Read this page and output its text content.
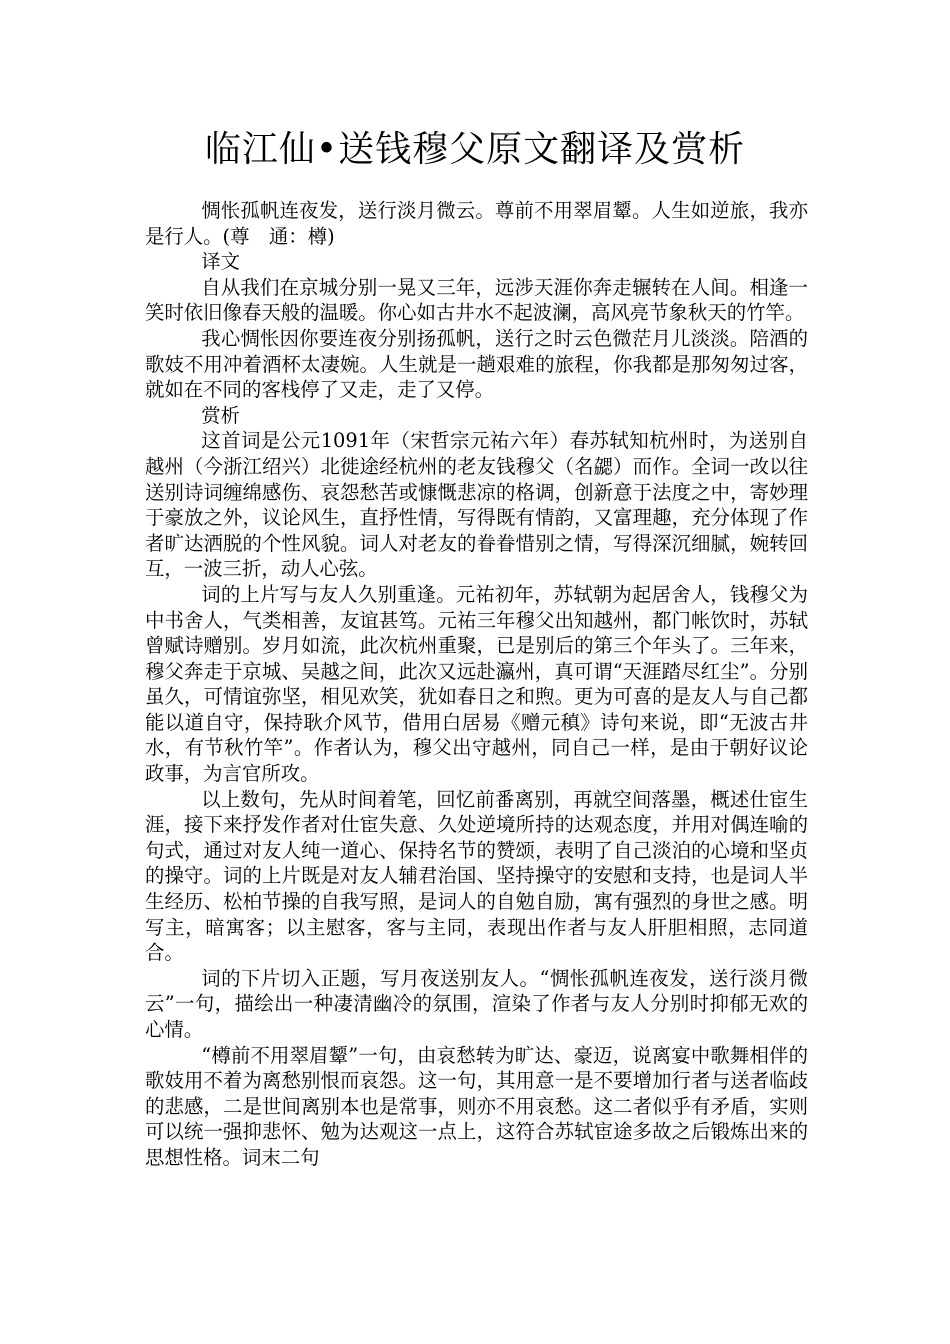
临江仙•送钱穆父原文翻译及赏析

惆怅孤帆连夜发，送行淡月微云。尊前不用翠眉颦。人生如逆旅，我亦是行人。(尊　通：樽)

译文

自从我们在京城分别一晃又三年，远涉天涯你奔走辗转在人间。相逢一笑时依旧像春天般的温暖。你心如古井水不起波澜，高风亮节象秋天的竹竿。

我心惆怅因你要连夜分别扬孤帆，送行之时云色微茫月儿淡淡。陪酒的歌妓不用冲着酒杯太凄婉。人生就是一趟艰难的旅程，你我都是那匆匆过客，就如在不同的客栈停了又走，走了又停。

赏析

这首词是公元1091年（宋哲宗元祐六年）春苏轼知杭州时，为送别自越州（今浙江绍兴）北徙途经杭州的老友钱穆父（名勰）而作。全词一改以往送别诗词缠绵感伤、哀怨愁苦或慷慨悲凉的格调，创新意于法度之中，寄妙理于豪放之外，议论风生，直抒性情，写得既有情韵，又富理趣，充分体现了作者旷达洒脱的个性风貌。词人对老友的眷眷惜别之情，写得深沉细腻，婉转回互，一波三折，动人心弦。

词的上片写与友人久别重逢。元祐初年，苏轼朝为起居舍人，钱穆父为中书舍人，气类相善，友谊甚笃。元祐三年穆父出知越州，都门帐饮时，苏轼曾赋诗赠别。岁月如流，此次杭州重聚，已是别后的第三个年头了。三年来，穆父奔走于京城、吴越之间，此次又远赴瀛州，真可谓“天涯踏尽红尘”。分别虽久，可情谊弥坚，相见欢笑，犹如春日之和煦。更为可喜的是友人与自己都能以道自守，保持耿介风节，借用白居易《赠元稹》诗句来说，即“无波古井水，有节秋竹竿”。作者认为，穆父出守越州，同自己一样，是由于朝好议论政事，为言官所攻。

以上数句，先从时间着笔，回忆前番离别，再就空间落墨，概述仕宦生涯，接下来抒发作者对仕宦失意、久处逆境所持的达观态度，并用对偶连喻的句式，通过对友人纯一道心、保持名节的赞颂，表明了自己淡泊的心境和坚贞的操守。词的上片既是对友人辅君治国、坚持操守的安慰和支持，也是词人半生经历、松柏节操的自我写照，是词人的自勉自励，寓有强烈的身世之感。明写主，暗寓客；以主慰客，客与主同，表现出作者与友人肝胆相照，志同道合。

词的下片切入正题，写月夜送别友人。“惆怅孤帆连夜发，送行淡月微云”一句，描绘出一种凄清幽冷的氛围，渲染了作者与友人分别时抑郁无欢的心情。

“樽前不用翠眉颦”一句，由哀愁转为旷达、豪迈，说离宴中歌舞相伴的歌妓用不着为离愁别恨而哀怨。这一句，其用意一是不要增加行者与送者临歧的悲感，二是世间离别本也是常事，则亦不用哀愁。这二者似乎有矛盾，实则可以统一强抑悲怀、勉为达观这一点上，这符合苏轼宦途多故之后锻炼出来的思想性格。词末二句
